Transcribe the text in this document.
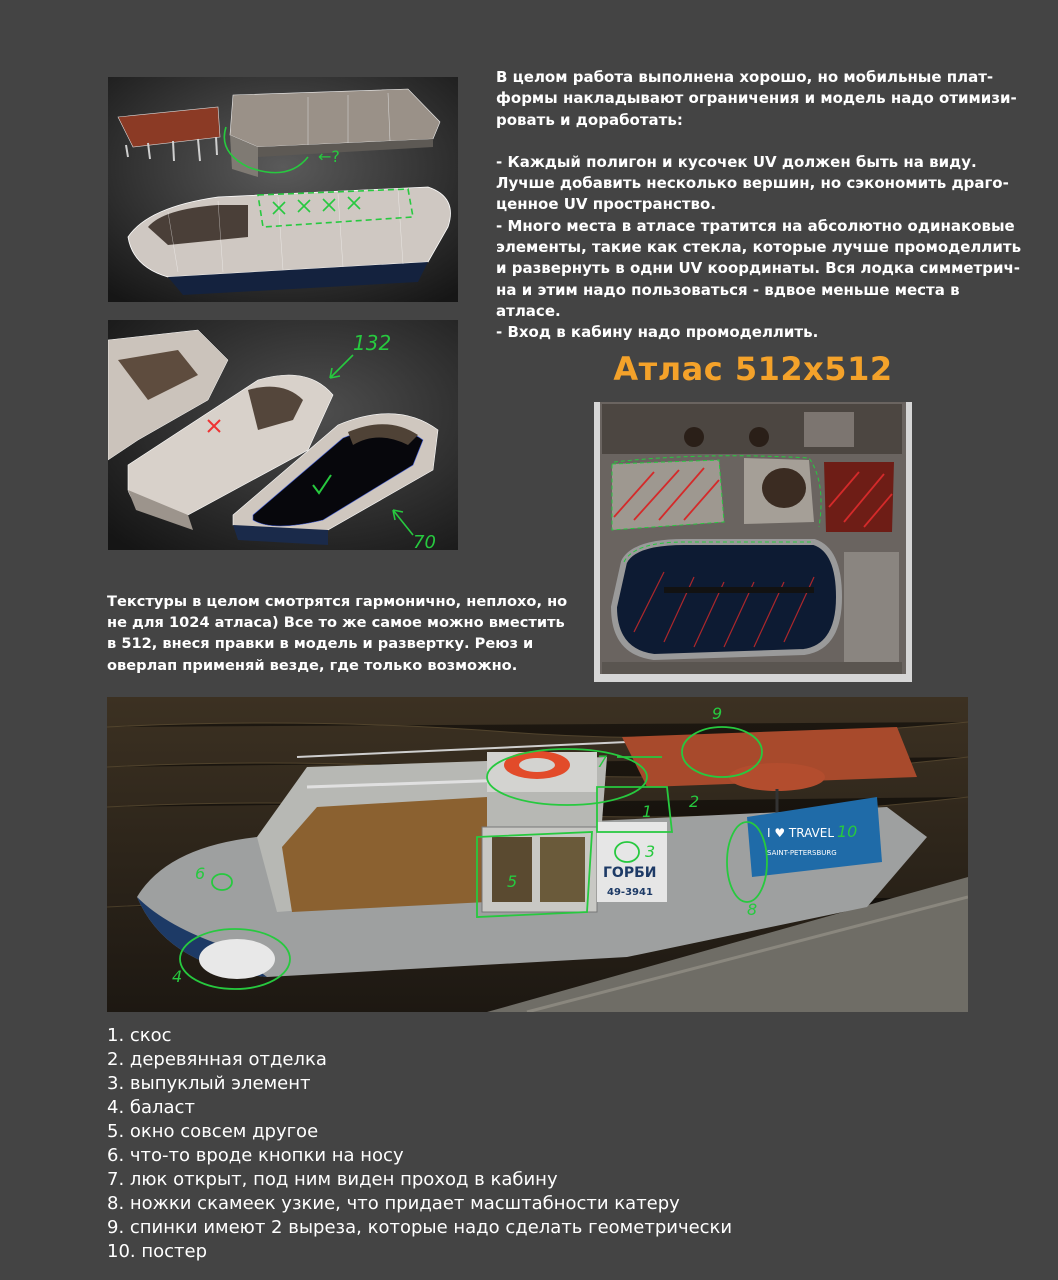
←?
132
70

В целом работа выполнена хорошо, но мобильные плат-
формы накладывают ограничения и модель надо отимизи-
ровать и доработать:

- Каждый полигон и кусочек UV должен быть на виду.
Лучше добавить несколько вершин, но сэкономить драго-
ценное UV пространство.

- Много места в атласе тратится на абсолютно одинаковые
элементы, такие как стекла, которые лучше промоделлить
и развернуть в одни UV координаты. Вся лодка симметрич-
на и этим надо пользоваться - вдвое меньше места в
атласе.

- Вход в кабину надо промоделлить.

Атлас 512x512

Текстуры в целом смотрятся гармонично, неплохо, но
не для 1024 атласа) Все то же самое можно вместить
в 512, внеся правки в модель и развертку. Реюз и
оверлап применяй везде, где только возможно.

ГОРБИ
49-3941
I ♥ TRAVEL
SAINT-PETERSBURG
1
2
3
4
5
6
7
8
9
10
1. скос
2. деревянная отделка
3. выпуклый элемент
4. баласт
5. окно совсем другое
6. что-то вроде кнопки на носу
7. люк открыт, под ним виден проход в кабину
8. ножки скамеек узкие, что придает масштабности катеру
9. спинки имеют 2 выреза, которые надо сделать геометрически
10. постер
